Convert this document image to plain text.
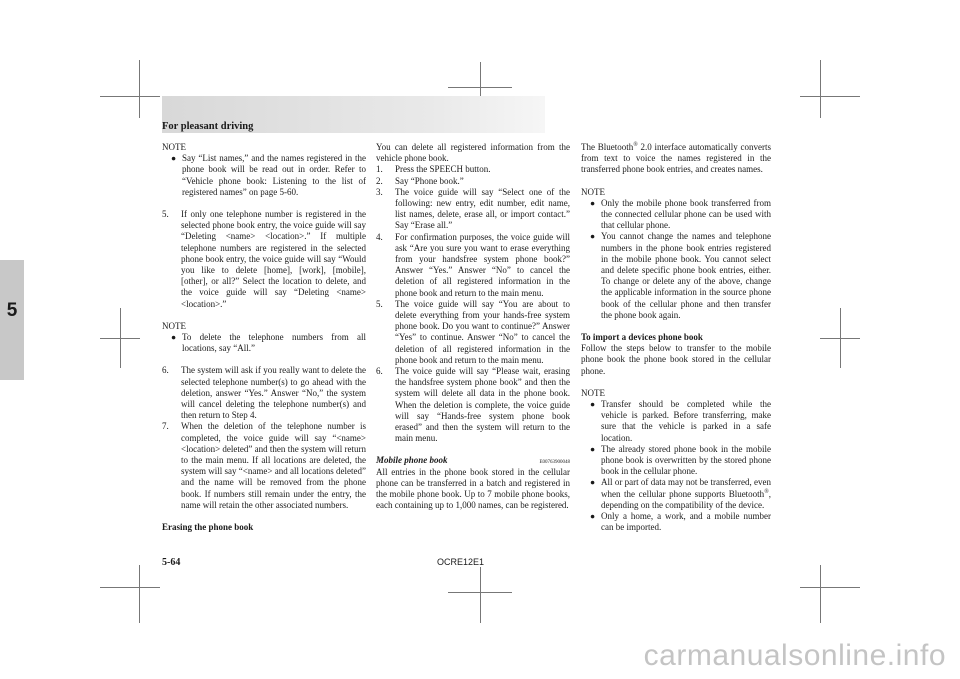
For pleasant driving
5

NOTE

● Say “List names,” and the names registered in the phone book will be read out in order. Refer to “Vehicle phone book: Listening to the list of registered names” on page 5-60.

5. If only one telephone number is registered in the selected phone book entry, the voice guide will say “Deleting <name> <location>.” If multiple telephone numbers are registered in the selected phone book entry, the voice guide will say “Would you like to delete [home], [work], [mobile], [other], or all?” Select the location to delete, and the voice guide will say “Deleting <name> <location>.”

NOTE

● To delete the telephone numbers from all locations, say “All.”

6. The system will ask if you really want to delete the selected telephone number(s) to go ahead with the deletion, answer “Yes.” Answer “No,” the system will cancel deleting the telephone number(s) and then return to Step 4.

7. When the deletion of the telephone number is completed, the voice guide will say “<name> <location> deleted” and then the system will return to the main menu. If all locations are deleted, the system will say “<name> and all locations deleted” and the name will be removed from the phone book. If numbers still remain under the entry, the name will retain the other associated numbers.

Erasing the phone book

You can delete all registered information from the vehicle phone book.

1. Press the SPEECH button.

2. Say “Phone book.”

3. The voice guide will say “Select one of the following: new entry, edit number, edit name, list names, delete, erase all, or import contact.” Say “Erase all.”

4. For confirmation purposes, the voice guide will ask “Are you sure you want to erase everything from your handsfree system phone book?” Answer “Yes.” Answer “No” to cancel the deletion of all registered information in the phone book and return to the main menu.

5. The voice guide will say “You are about to delete everything from your hands-free system phone book. Do you want to continue?” Answer “Yes” to continue. Answer “No” to cancel the deletion of all registered information in the phone book and return to the main menu.

6. The voice guide will say “Please wait, erasing the handsfree system phone book” and then the system will delete all data in the phone book. When the deletion is complete, the voice guide will say “Hands-free system phone book erased” and then the system will return to the main menu.

Mobile phone book	E00763900048

All entries in the phone book stored in the cellular phone can be transferred in a batch and registered in the mobile phone book. Up to 7 mobile phone books, each containing up to 1,000 names, can be registered.

The Bluetooth® 2.0 interface automatically converts from text to voice the names registered in the transferred phone book entries, and creates names.

NOTE

● Only the mobile phone book transferred from the connected cellular phone can be used with that cellular phone.

● You cannot change the names and telephone numbers in the phone book entries registered in the mobile phone book. You cannot select and delete specific phone book entries, either. To change or delete any of the above, change the applicable information in the source phone book of the cellular phone and then transfer the phone book again.

To import a devices phone book

Follow the steps below to transfer to the mobile phone book the phone book stored in the cellular phone.

NOTE

● Transfer should be completed while the vehicle is parked. Before transferring, make sure that the vehicle is parked in a safe location.

● The already stored phone book in the mobile phone book is overwritten by the stored phone book in the cellular phone.

● All or part of data may not be transferred, even when the cellular phone supports Bluetooth®, depending on the compatibility of the device.

● Only a home, a work, and a mobile number can be imported.

5-64	OCRE12E1
carmanualsonline.info
